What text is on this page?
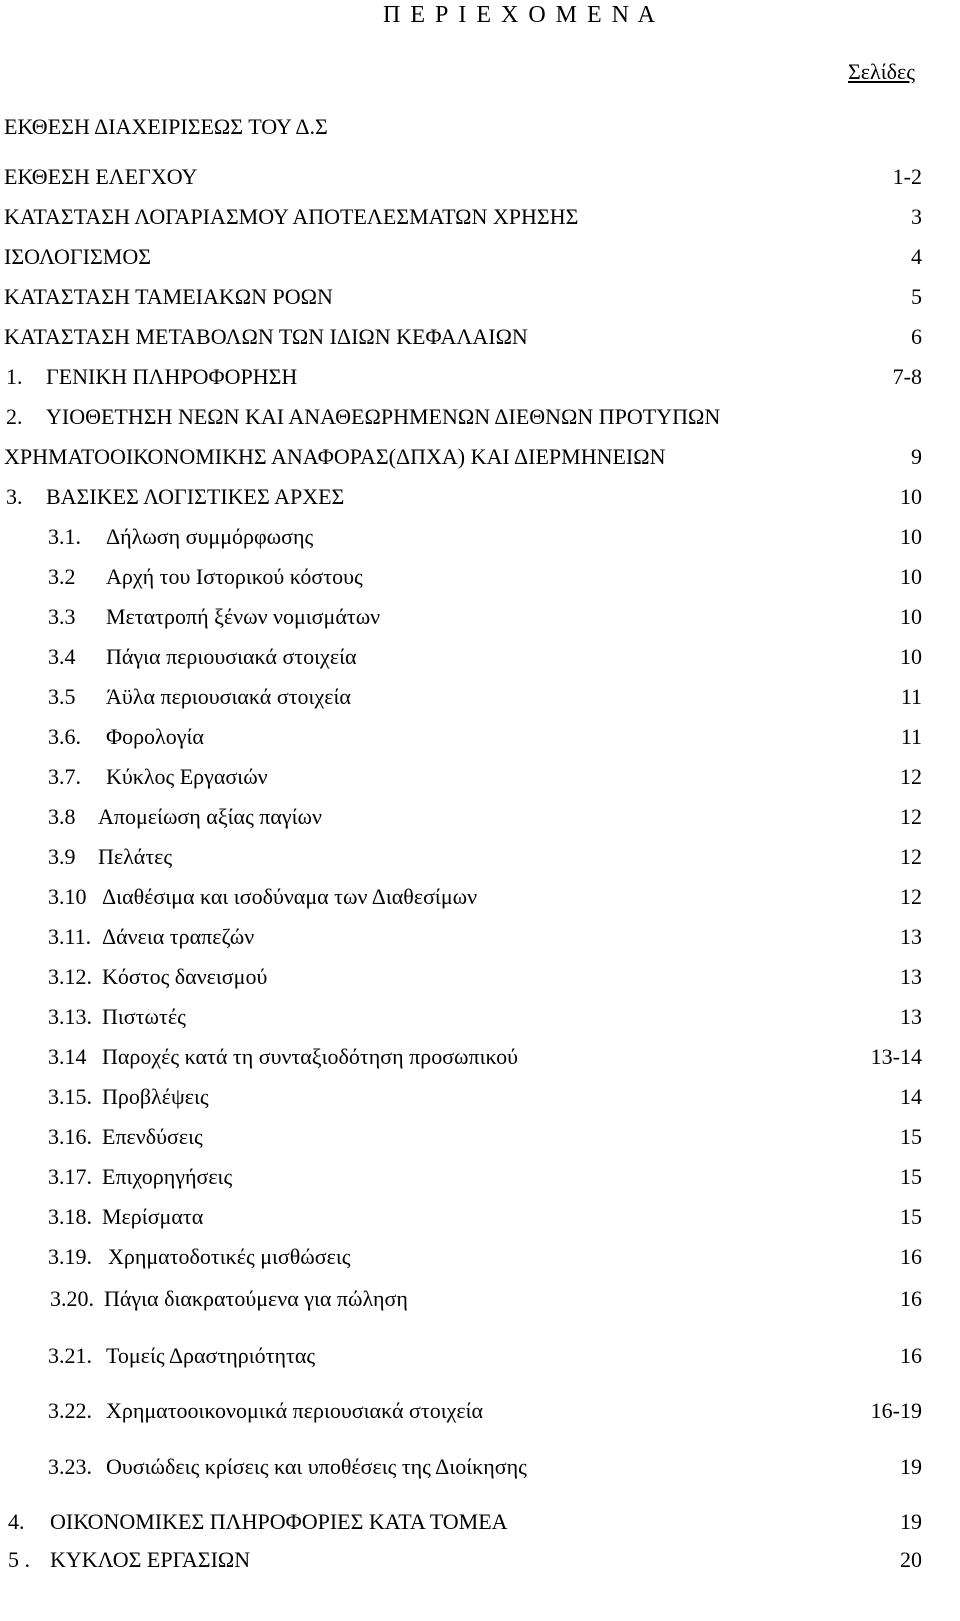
Π Ε Ρ Ι Ε Χ Ο Μ Ε Ν Α
Σελίδες
ΕΚΘΕΣΗ ΔΙΑΧΕΙΡΙΣΕΩΣ ΤΟΥ Δ.Σ
ΕΚΘΕΣΗ ΕΛΕΓΧΟΥ	1-2
ΚΑΤΑΣΤΑΣΗ ΛΟΓΑΡΙΑΣΜΟΥ ΑΠΟΤΕΛΕΣΜΑΤΩΝ ΧΡΗΣΗΣ	3
ΙΣΟΛΟΓΙΣΜΟΣ	4
ΚΑΤΑΣΤΑΣΗ ΤΑΜΕΙΑΚΩΝ ΡΟΩΝ	5
ΚΑΤΑΣΤΑΣΗ ΜΕΤΑΒΟΛΩΝ ΤΩΝ ΙΔΙΩΝ ΚΕΦΑΛΑΙΩΝ	6
1. ΓΕΝΙΚΗ ΠΛΗΡΟΦΟΡΗΣΗ	7-8
2. ΥΙΟΘΕΤΗΣΗ ΝΕΩΝ ΚΑΙ ΑΝΑΘΕΩΡΗΜΕΝΩΝ ΔΙΕΘΝΩΝ ΠΡΟΤΥΠΩΝ
ΧΡΗΜΑΤΟΟΙΚΟΝΟΜΙΚΗΣ ΑΝΑΦΟΡΑΣ(ΔΠΧΑ) ΚΑΙ ΔΙΕΡΜΗΝΕΙΩΝ	9
3. ΒΑΣΙΚΕΣ ΛΟΓΙΣΤΙΚΕΣ ΑΡΧΕΣ	10
3.1. Δήλωση συμμόρφωσης	10
3.2 Αρχή του Ιστορικού κόστους	10
3.3 Μετατροπή ξένων νομισμάτων	10
3.4 Πάγια περιουσιακά στοιχεία	10
3.5 Άϋλα περιουσιακά στοιχεία	11
3.6. Φορολογία	11
3.7. Κύκλος Εργασιών	12
3.8 Απομείωση αξίας παγίων	12
3.9 Πελάτες	12
3.10 Διαθέσιμα και ισοδύναμα των Διαθεσίμων	12
3.11. Δάνεια τραπεζών	13
3.12. Κόστος δανεισμού	13
3.13. Πιστωτές	13
3.14 Παροχές κατά τη συνταξιοδότηση προσωπικού	13-14
3.15. Προβλέψεις	14
3.16. Επενδύσεις	15
3.17. Επιχορηγήσεις	15
3.18. Μερίσματα	15
3.19. Χρηματοδοτικές μισθώσεις	16
3.20. Πάγια διακρατούμενα για πώληση	16
3.21. Τομείς Δραστηριότητας	16
3.22. Χρηματοοικονομικά περιουσιακά στοιχεία	16-19
3.23. Ουσιώδεις κρίσεις και υποθέσεις της Διοίκησης	19
4. ΟΙΚΟΝΟΜΙΚΕΣ ΠΛΗΡΟΦΟΡΙΕΣ ΚΑΤΑ ΤΟΜΕΑ	19
5 . ΚΥΚΛΟΣ ΕΡΓΑΣΙΩΝ	20
